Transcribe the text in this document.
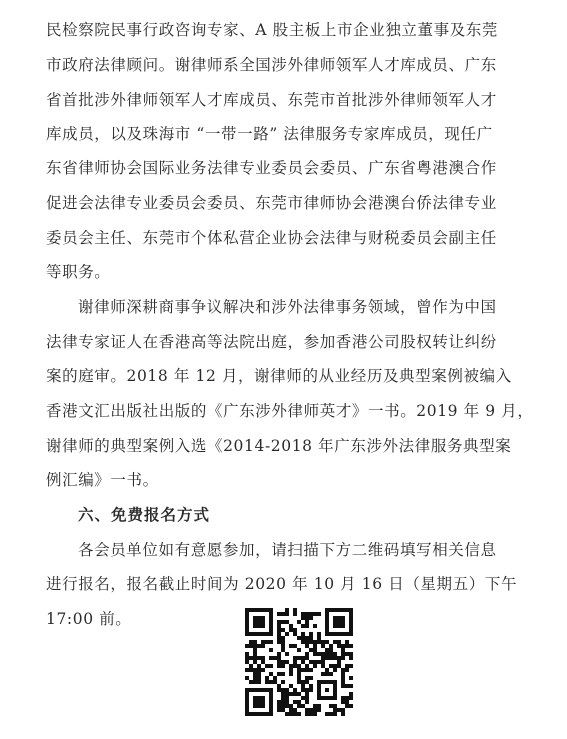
民检察院民事行政咨询专家、A 股主板上市企业独立董事及东莞
市政府法律顾问。谢律师系全国涉外律师领军人才库成员、广东
省首批涉外律师领军人才库成员、东莞市首批涉外律师领军人才
库成员，以及珠海市 “一带一路” 法律服务专家库成员，现任广
东省律师协会国际业务法律专业委员会委员、广东省粤港澳合作
促进会法律专业委员会委员、东莞市律师协会港澳台侨法律专业
委员会主任、东莞市个体私营企业协会法律与财税委员会副主任
等职务。
谢律师深耕商事争议解决和涉外法律事务领域，曾作为中国
法律专家证人在香港高等法院出庭，参加香港公司股权转让纠纷
案的庭审。2018 年 12 月，谢律师的从业经历及典型案例被编入
香港文汇出版社出版的《广东涉外律师英才》一书。2019 年 9 月，
谢律师的典型案例入选《2014-2018 年广东涉外法律服务典型案
例汇编》一书。
六、免费报名方式
各会员单位如有意愿参加，请扫描下方二维码填写相关信息
进行报名，报名截止时间为 2020 年 10 月 16 日（星期五）下午
17:00 前。
